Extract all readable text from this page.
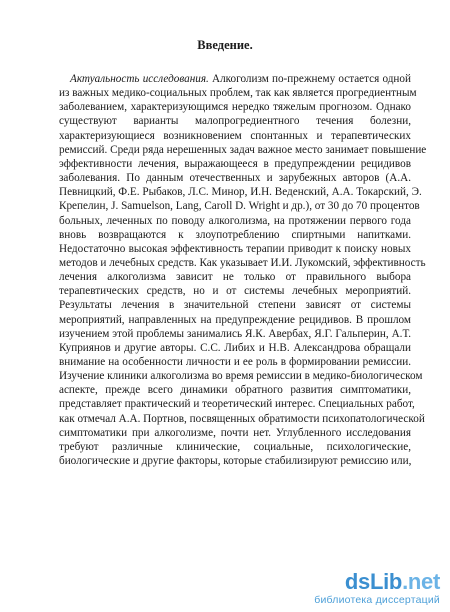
Введение.
Актуальность исследования. Алкоголизм по-прежнему остается одной
из важных медико-социальных проблем, так как является прогредиентным
заболеванием, характеризующимся нередко тяжелым прогнозом. Однако
существуют варианты малопрогредиентного течения болезни,
характеризующиеся возникновением спонтанных и терапевтических
ремиссий. Среди ряда нерешенных задач важное место занимает повышение
эффективности лечения, выражающееся в предупреждении рецидивов
заболевания. По данным отечественных и зарубежных авторов (А.А.
Певницкий, Ф.Е. Рыбаков, Л.С. Минор, И.Н. Веденский, А.А. Токарский, Э.
Крепелин, J. Samuelson, Lang, Caroll D. Wright и др.), от 30 до 70 процентов
больных, леченных по поводу алкоголизма, на протяжении первого года
вновь возвращаются к злоупотреблению спиртными напитками.
Недостаточно высокая эффективность терапии приводит к поиску новых
методов и лечебных средств. Как указывает И.И. Лукомский, эффективность
лечения алкоголизма зависит не только от правильного выбора
терапевтических средств, но и от системы лечебных мероприятий.
Результаты лечения в значительной степени зависят от системы
мероприятий, направленных на предупреждение рецидивов. В прошлом
изучением этой проблемы занимались Я.К. Авербах, Я.Г. Гальперин, А.Т.
Куприянов и другие авторы. С.С. Либих и Н.В. Александрова обращали
внимание на особенности личности и ее роль в формировании ремиссии.
Изучение клиники алкоголизма во время ремиссии в медико-биологическом
аспекте, прежде всего динамики обратного развития симптоматики,
представляет практический и теоретический интерес. Специальных работ,
как отмечал А.А. Портнов, посвященных обратимости психопатологической
симптоматики при алкоголизме, почти нет. Углубленного исследования
требуют различные клинические, социальные, психологические,
биологические и другие факторы, которые стабилизируют ремиссию или,
dsLib.net
библиотека диссертаций
